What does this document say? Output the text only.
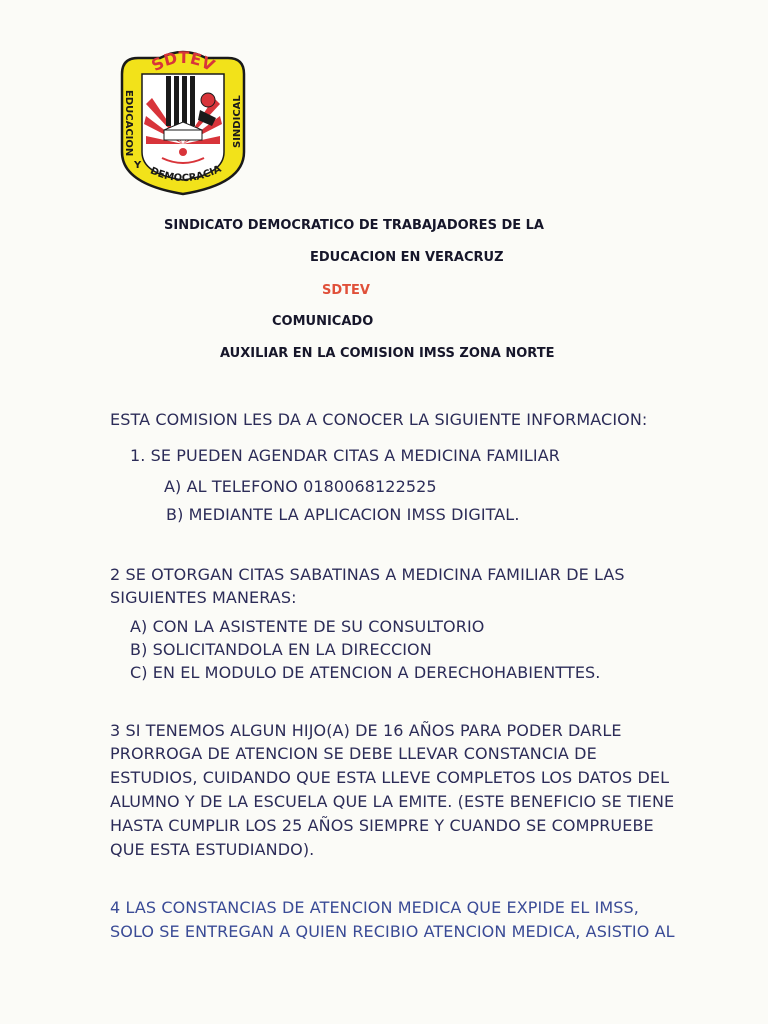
SDTEV
EDUCACION	SINDICAL
DEMOCRACIA
Y
SINDICATO DEMOCRATICO DE TRABAJADORES DE LA
EDUCACION EN VERACRUZ
SDTEV
COMUNICADO
AUXILIAR EN LA COMISION IMSS ZONA NORTE
ESTA COMISION LES DA A CONOCER LA SIGUIENTE INFORMACION:
1. SE PUEDEN AGENDAR CITAS A MEDICINA FAMILIAR
A) AL TELEFONO 0180068122525
B) MEDIANTE LA APLICACION IMSS DIGITAL.
2 SE OTORGAN CITAS SABATINAS A MEDICINA FAMILIAR DE LAS
SIGUIENTES MANERAS:
A) CON LA ASISTENTE DE SU CONSULTORIO
B) SOLICITANDOLA EN LA DIRECCION
C) EN EL MODULO DE ATENCION A DERECHOHABIENTTES.
3 SI TENEMOS ALGUN HIJO(A) DE 16 AÑOS PARA PODER DARLE
PRORROGA DE ATENCION SE DEBE LLEVAR CONSTANCIA DE
ESTUDIOS, CUIDANDO QUE ESTA LLEVE COMPLETOS LOS DATOS DEL
ALUMNO Y DE LA ESCUELA QUE LA EMITE. (ESTE BENEFICIO SE TIENE
HASTA CUMPLIR LOS 25 AÑOS SIEMPRE Y CUANDO SE COMPRUEBE
QUE ESTA ESTUDIANDO).
4 LAS CONSTANCIAS DE ATENCION MEDICA QUE EXPIDE EL IMSS,
SOLO SE ENTREGAN A QUIEN RECIBIO ATENCION MEDICA, ASISTIO AL
